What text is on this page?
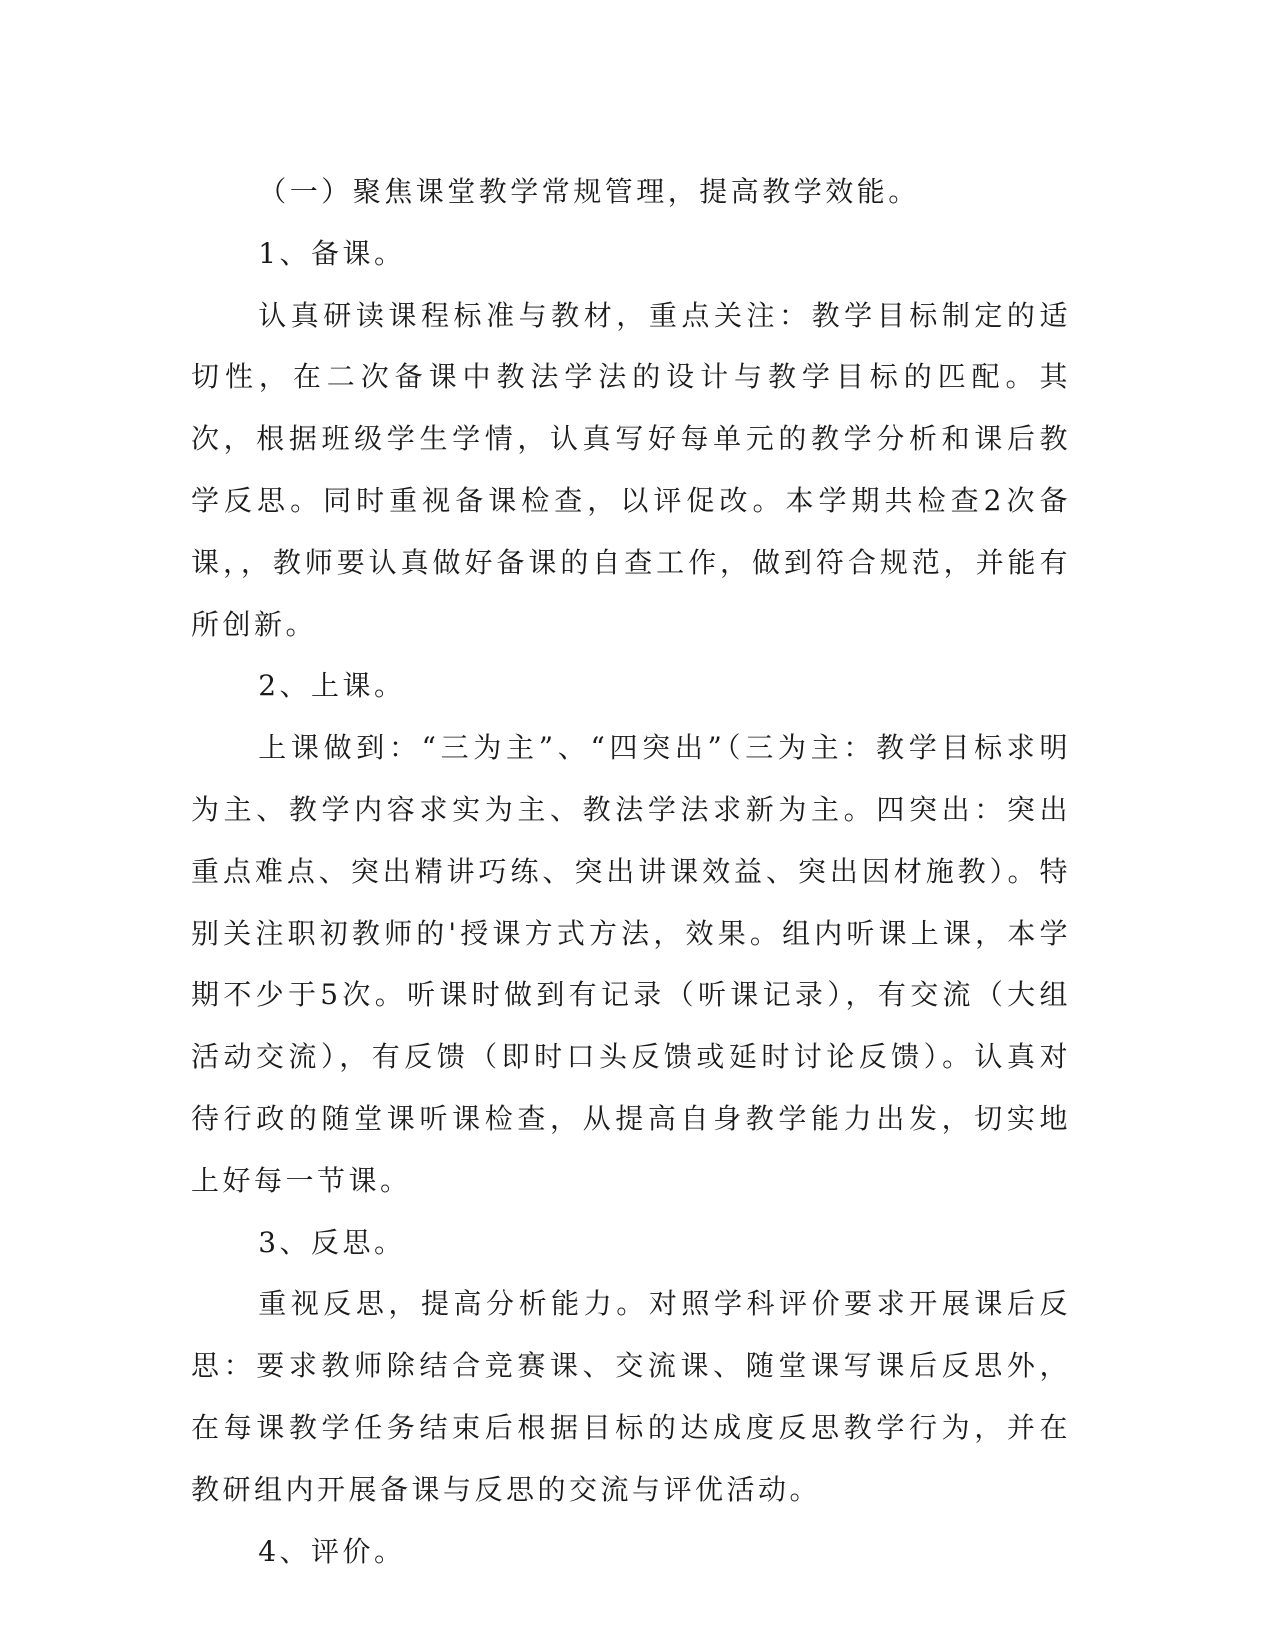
（一）聚焦课堂教学常规管理，提高教学效能。

1、备课。

认真研读课程标准与教材，重点关注：教学目标制定的适切性，在二次备课中教法学法的设计与教学目标的匹配。其次，根据班级学生学情，认真写好每单元的教学分析和课后教学反思。同时重视备课检查，以评促改。本学期共检查2次备课，，教师要认真做好备课的自查工作，做到符合规范，并能有所创新。

2、上课。

上课做到：“三为主”、“四突出”（三为主：教学目标求明为主、教学内容求实为主、教法学法求新为主。四突出：突出重点难点、突出精讲巧练、突出讲课效益、突出因材施教）。特别关注职初教师的'授课方式方法，效果。组内听课上课，本学期不少于5次。听课时做到有记录（听课记录），有交流（大组活动交流），有反馈（即时口头反馈或延时讨论反馈）。认真对待行政的随堂课听课检查，从提高自身教学能力出发，切实地上好每一节课。

3、反思。

重视反思，提高分析能力。对照学科评价要求开展课后反思：要求教师除结合竞赛课、交流课、随堂课写课后反思外，在每课教学任务结束后根据目标的达成度反思教学行为，并在教研组内开展备课与反思的交流与评优活动。

4、评价。
